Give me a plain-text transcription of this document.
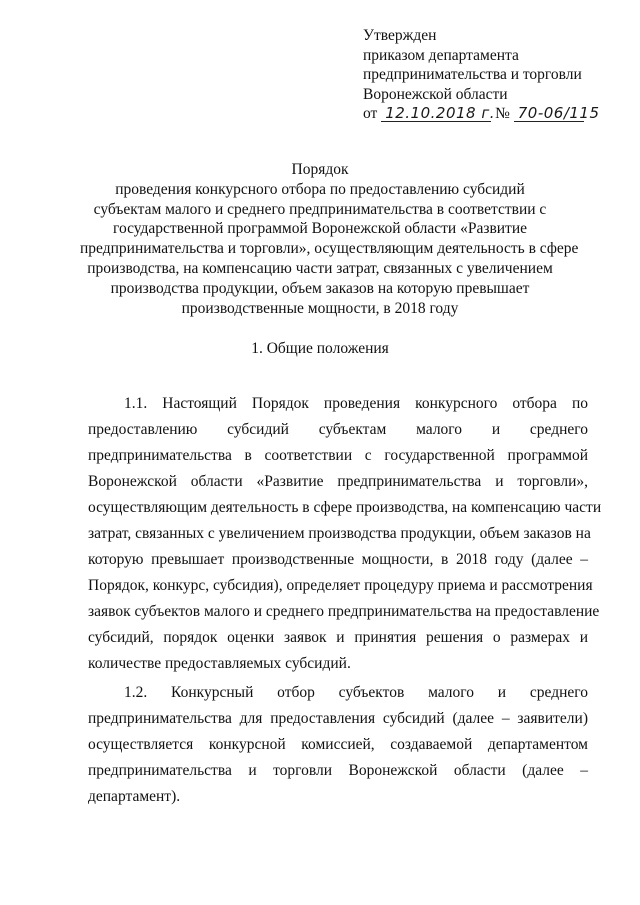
Утвержден
приказом департамента
предпринимательства и торговли
Воронежской области
от 12.10.2018 г. № 70-06/115
Порядок
проведения конкурсного отбора по предоставлению субсидий
субъектам малого и среднего предпринимательства в соответствии с
государственной программой Воронежской области «Развитие
предпринимательства и торговли», осуществляющим деятельность в сфере
производства, на компенсацию части затрат, связанных с увеличением
производства продукции, объем заказов на которую превышает
производственные мощности, в 2018 году
1. Общие положения
1.1. Настоящий Порядок проведения конкурсного отбора по
предоставлению субсидий субъектам малого и среднего
предпринимательства в соответствии с государственной программой
Воронежской области «Развитие предпринимательства и торговли»,
осуществляющим деятельность в сфере производства, на компенсацию части
затрат, связанных с увеличением производства продукции, объем заказов на
которую превышает производственные мощности, в 2018 году (далее –
Порядок, конкурс, субсидия), определяет процедуру приема и рассмотрения
заявок субъектов малого и среднего предпринимательства на предоставление
субсидий, порядок оценки заявок и принятия решения о размерах и
количестве предоставляемых субсидий.
1.2. Конкурсный отбор субъектов малого и среднего
предпринимательства для предоставления субсидий (далее – заявители)
осуществляется конкурсной комиссией, создаваемой департаментом
предпринимательства и торговли Воронежской области (далее –
департамент).
